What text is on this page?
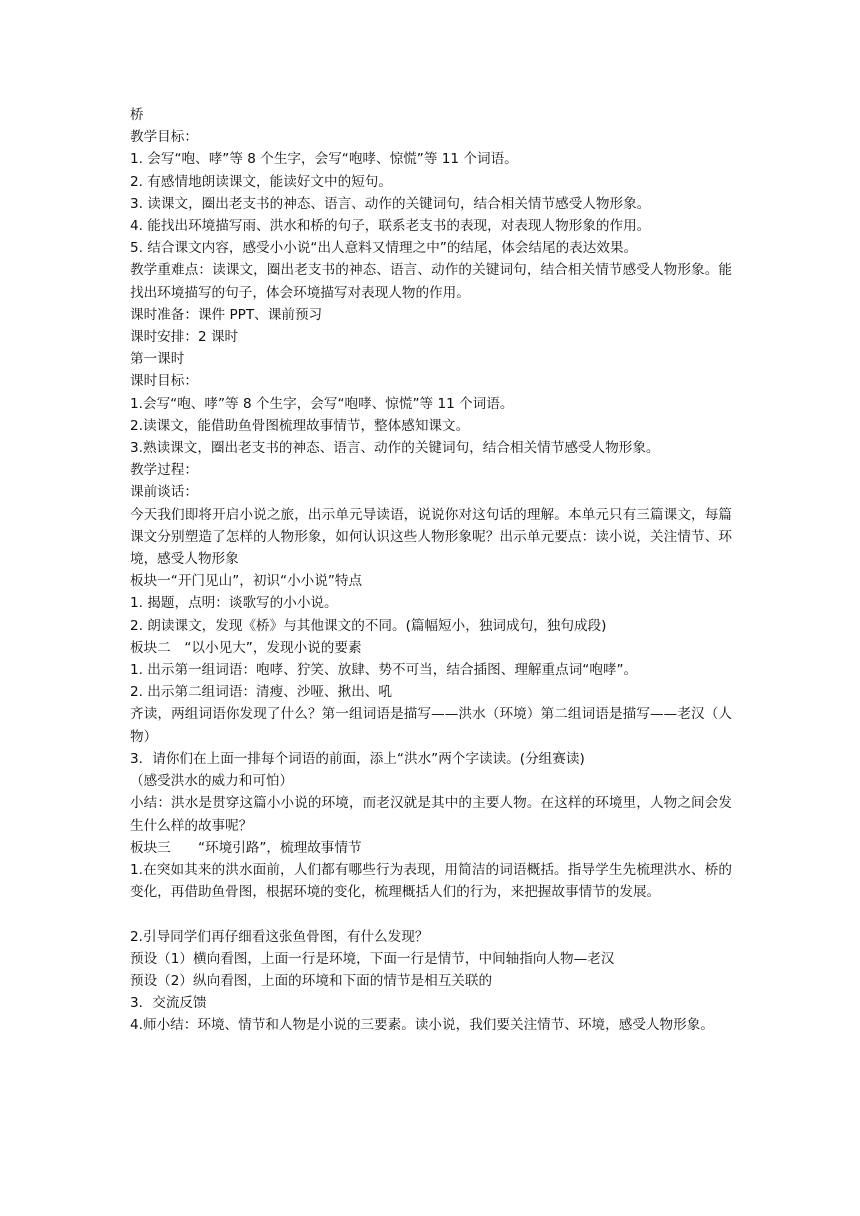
桥

教学目标：

1. 会写“咆、哮”等 8 个生字，会写“咆哮、惊慌”等 11 个词语。

2. 有感情地朗读课文，能读好文中的短句。

3. 读课文，圈出老支书的神态、语言、动作的关键词句，结合相关情节感受人物形象。

4. 能找出环境描写雨、洪水和桥的句子，联系老支书的表现，对表现人物形象的作用。

5. 结合课文内容，感受小小说“出人意料又情理之中”的结尾，体会结尾的表达效果。

教学重难点：读课文，圈出老支书的神态、语言、动作的关键词句，结合相关情节感受人物形象。能找出环境描写的句子，体会环境描写对表现人物的作用。

课时准备：课件 PPT、课前预习

课时安排：2 课时

第一课时

课时目标：

1.会写“咆、哮”等 8 个生字，会写“咆哮、惊慌”等 11 个词语。

2.读课文，能借助鱼骨图梳理故事情节，整体感知课文。

3.熟读课文，圈出老支书的神态、语言、动作的关键词句，结合相关情节感受人物形象。

教学过程：

课前谈话：

今天我们即将开启小说之旅，出示单元导读语，说说你对这句话的理解。本单元只有三篇课文，每篇课文分别塑造了怎样的人物形象，如何认识这些人物形象呢？出示单元要点：读小说，关注情节、环境，感受人物形象

板块一“开门见山”，初识“小小说”特点

1. 揭题，点明：谈歌写的小小说。

2. 朗读课文，发现《桥》与其他课文的不同。(篇幅短小，独词成句，独句成段)

板块二　“以小见大”，发现小说的要素

1. 出示第一组词语：咆哮、狞笑、放肆、势不可当，结合插图、理解重点词“咆哮”。

2. 出示第二组词语：清瘦、沙哑、揪出、吼

齐读，两组词语你发现了什么？第一组词语是描写——洪水（环境）第二组词语是描写——老汉（人物）

3．请你们在上面一排每个词语的前面，添上“洪水”两个字读读。(分组赛读)

（感受洪水的威力和可怕）

小结：洪水是贯穿这篇小小说的环境，而老汉就是其中的主要人物。在这样的环境里，人物之间会发生什么样的故事呢？

板块三　　“环境引路”，梳理故事情节

1.在突如其来的洪水面前，人们都有哪些行为表现，用简洁的词语概括。指导学生先梳理洪水、桥的变化，再借助鱼骨图，根据环境的变化，梳理概括人们的行为，来把握故事情节的发展。

2.引导同学们再仔细看这张鱼骨图，有什么发现？

预设（1）横向看图，上面一行是环境，下面一行是情节，中间轴指向人物—老汉

预设（2）纵向看图，上面的环境和下面的情节是相互关联的

3．交流反馈

4.师小结：环境、情节和人物是小说的三要素。读小说，我们要关注情节、环境，感受人物形象。
